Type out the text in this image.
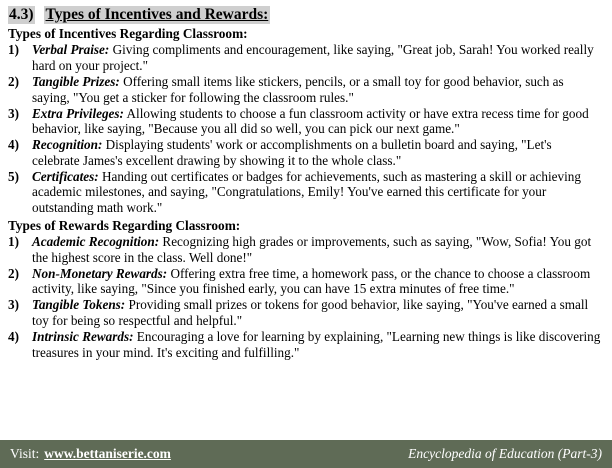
4.3) Types of Incentives and Rewards:
Types of Incentives Regarding Classroom:
1) Verbal Praise: Giving compliments and encouragement, like saying, "Great job, Sarah! You worked really hard on your project."
2) Tangible Prizes: Offering small items like stickers, pencils, or a small toy for good behavior, such as saying, "You get a sticker for following the classroom rules."
3) Extra Privileges: Allowing students to choose a fun classroom activity or have extra recess time for good behavior, like saying, "Because you all did so well, you can pick our next game."
4) Recognition: Displaying students' work or accomplishments on a bulletin board and saying, "Let's celebrate James's excellent drawing by showing it to the whole class."
5) Certificates: Handing out certificates or badges for achievements, such as mastering a skill or achieving academic milestones, and saying, "Congratulations, Emily! You've earned this certificate for your outstanding math work."
Types of Rewards Regarding Classroom:
1) Academic Recognition: Recognizing high grades or improvements, such as saying, "Wow, Sofia! You got the highest score in the class. Well done!"
2) Non-Monetary Rewards: Offering extra free time, a homework pass, or the chance to choose a classroom activity, like saying, "Since you finished early, you can have 15 extra minutes of free time."
3) Tangible Tokens: Providing small prizes or tokens for good behavior, like saying, "You've earned a small toy for being so respectful and helpful."
4) Intrinsic Rewards: Encouraging a love for learning by explaining, "Learning new things is like discovering treasures in your mind. It's exciting and fulfilling."
Visit: www.bettaniserie.com	Encyclopedia of Education (Part-3)
